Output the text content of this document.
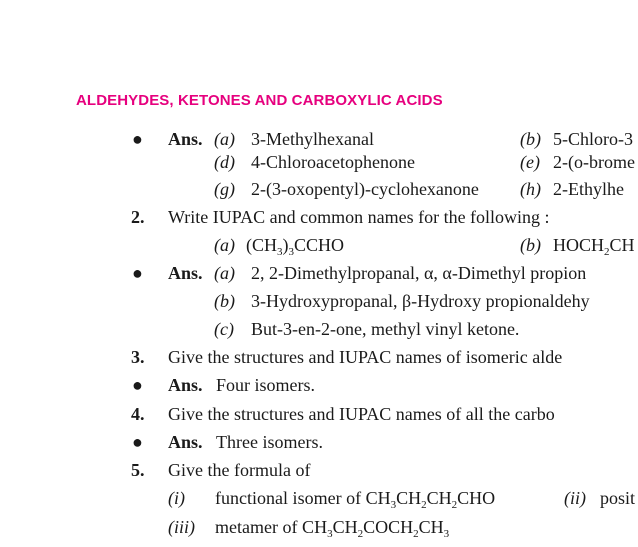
ALDEHYDES, KETONES AND CARBOXYLIC ACIDS
● Ans. (a) 3-Methylhexanal	(b) 5-Chloro-3
(d) 4-Chloroacetophenone	(e) 2-(o-brome
(g) 2-(3-oxopentyl)-cyclohexanone (h) 2-Ethylhe
2. Write IUPAC and common names for the following :
(a) $(CH_3)_3CCHO$	(b) $HOCH_2CH$
● Ans. (a) 2, 2-Dimethylpropanal, α, α-Dimethyl propion
(b) 3-Hydroxypropanal, β-Hydroxy propionaldehy
(c) But-3-en-2-one, methyl vinyl ketone.
3. Give the structures and IUPAC names of isomeric alde
● Ans. Four isomers.
4. Give the structures and IUPAC names of all the carbo
● Ans. Three isomers.
5. Give the formula of
(i) functional isomer of $CH_3CH_2CH_2CHO$	(ii) posit
(iii) metamer of $CH_3CH_2COCH_2CH_3$
